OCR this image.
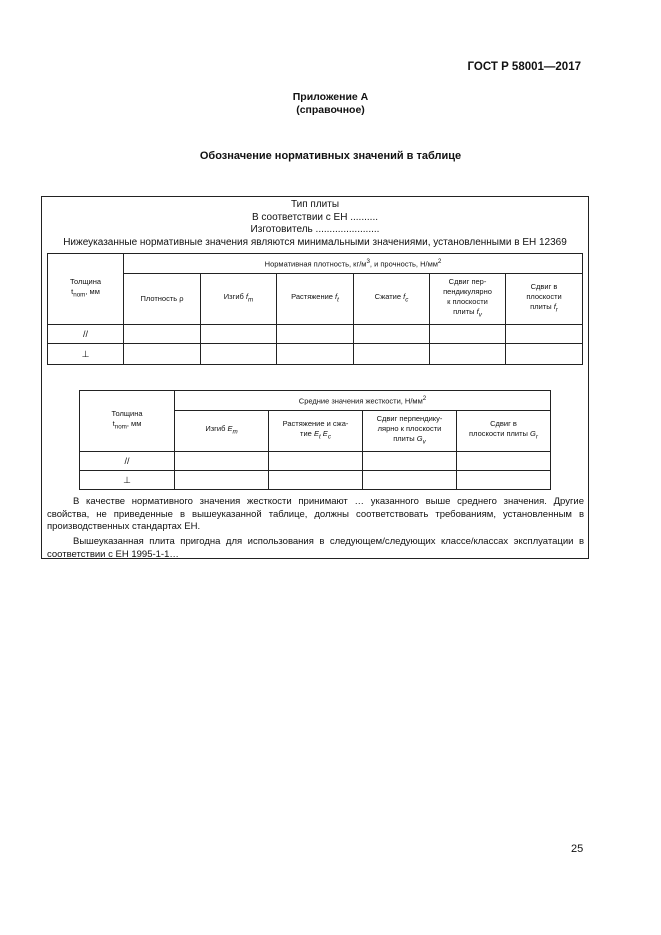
ГОСТ Р 58001—2017
Приложение А
(справочное)
Обозначение нормативных значений в таблице
Тип плиты
В соответствии с ЕН ..........
Изготовитель .......................
Нижеуказанные нормативные значения являются минимальными значениями, установленными в ЕН 12369
Толщина
$t_{nom}$, мм	Нормативная плотность, $кг/м^3$, и прочность, $Н/мм^2$
	Плотность ρ	Изгиб $f_m$	Растяжение $f_t$	Сжатие $f_c$	Сдвиг пер-
пендикулярно
к плоскости
плиты $f_v$	Сдвиг в
плоскости
плиты $f_r$
//						
⊥						
Толщина
$t_{nom}$, мм	Средние значения жесткости, $Н/мм^2$
	Изгиб $E_m$	Растяжение и сжа-
тие $E_t$ $E_c$	Сдвиг перпендику-
лярно к плоскости
плиты $G_v$	Сдвиг в
плоскости плиты $G_r$
//				
⊥				
В качестве нормативного значения жесткости принимают … указанного выше среднего значения. Другие свойства, не приведенные в вышеуказанной таблице, должны соответствовать требованиям, установленным в производственных стандартах ЕН.
Вышеуказанная плита пригодна для использования в следующем/следующих классе/классах эксплуатации в соответствии с ЕН 1995-1-1…
25
